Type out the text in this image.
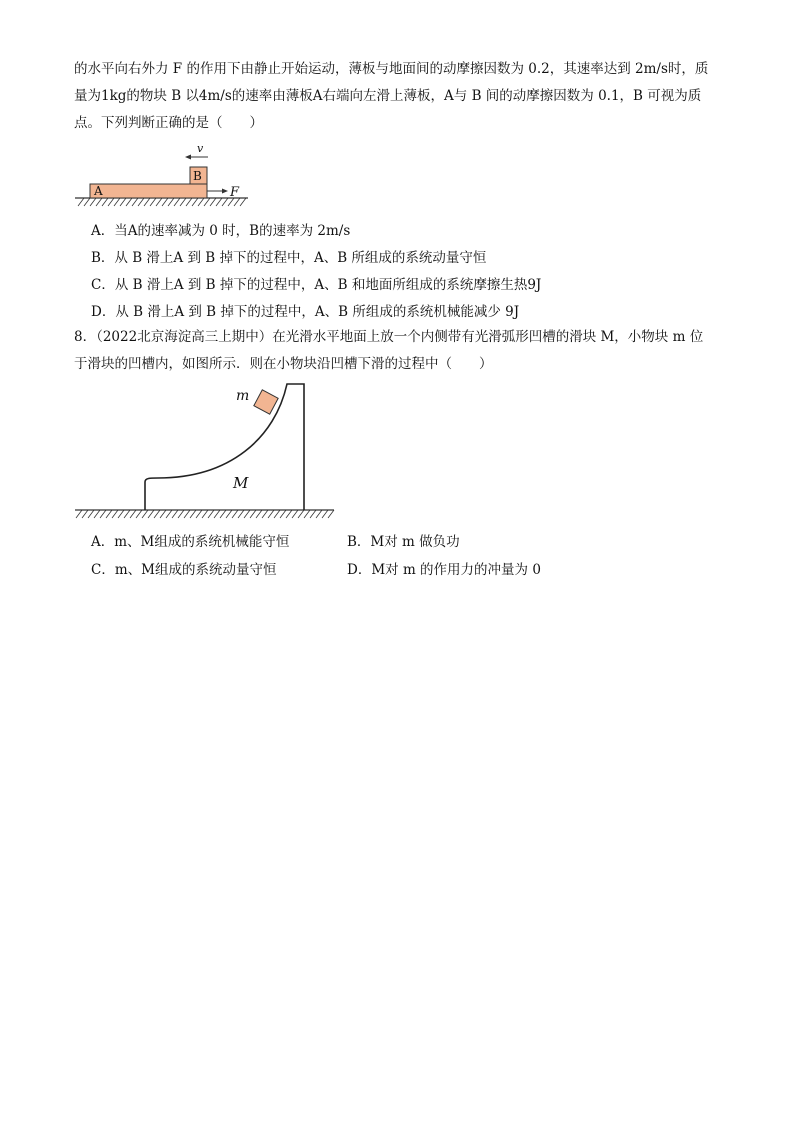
的水平向右外力 F 的作用下由静止开始运动，薄板与地面间的动摩擦因数为 0.2，其速率达到 2m/s时，质
量为1kg的物块 B 以4m/s的速率由薄板A右端向左滑上薄板，A与 B 间的动摩擦因数为 0.1，B 可视为质
点。下列判断正确的是（　　）
A
B
v
F
A．当A的速率减为 0 时，B的速率为 2m/s
B．从 B 滑上A 到 B 掉下的过程中，A、B 所组成的系统动量守恒
C．从 B 滑上A 到 B 掉下的过程中，A、B 和地面所组成的系统摩擦生热9J
D．从 B 滑上A 到 B 掉下的过程中，A、B 所组成的系统机械能减少 9J
8．（2022北京海淀高三上期中）在光滑水平地面上放一个内侧带有光滑弧形凹槽的滑块 M，小物块 m 位
于滑块的凹槽内，如图所示．则在小物块沿凹槽下滑的过程中（　　）
M
m
A．m、M组成的系统机械能守恒	B．M对 m 做负功
C．m、M组成的系统动量守恒	D．M对 m 的作用力的冲量为 0
